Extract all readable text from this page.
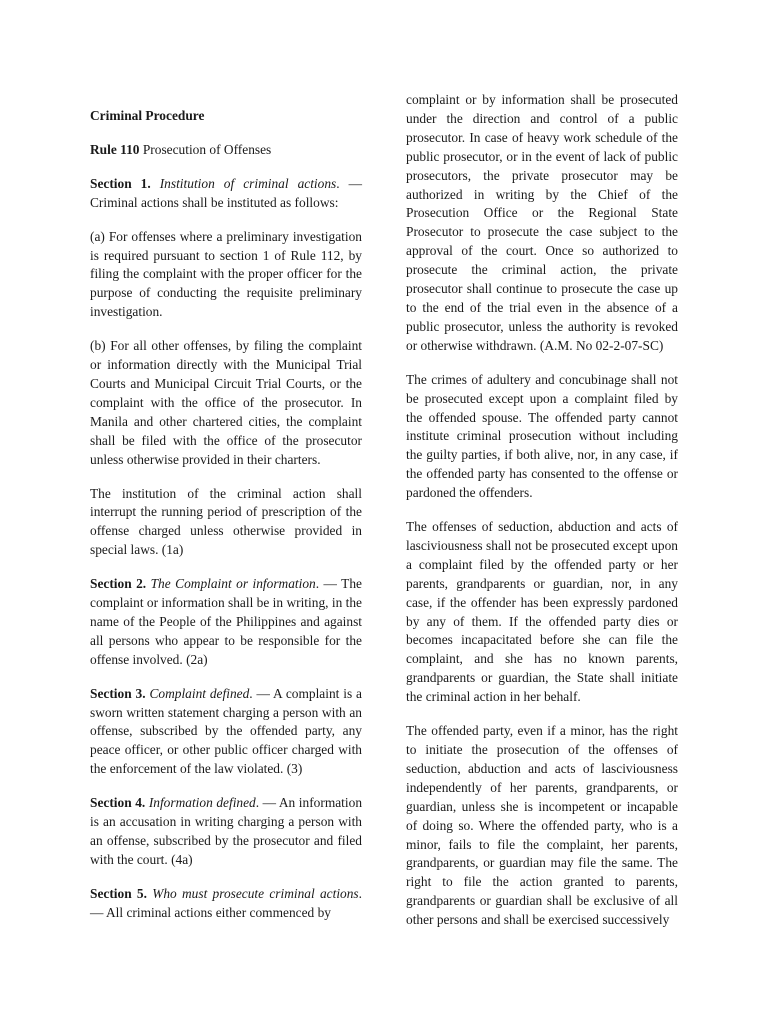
Criminal Procedure

Rule 110 Prosecution of Offenses

Section 1. Institution of criminal actions. — Criminal actions shall be instituted as follows:

(a) For offenses where a preliminary investigation is required pursuant to section 1 of Rule 112, by filing the complaint with the proper officer for the purpose of conducting the requisite preliminary investigation.

(b) For all other offenses, by filing the complaint or information directly with the Municipal Trial Courts and Municipal Circuit Trial Courts, or the complaint with the office of the prosecutor. In Manila and other chartered cities, the complaint shall be filed with the office of the prosecutor unless otherwise provided in their charters.

The institution of the criminal action shall interrupt the running period of prescription of the offense charged unless otherwise provided in special laws. (1a)

Section 2. The Complaint or information. — The complaint or information shall be in writing, in the name of the People of the Philippines and against all persons who appear to be responsible for the offense involved. (2a)

Section 3. Complaint defined. — A complaint is a sworn written statement charging a person with an offense, subscribed by the offended party, any peace officer, or other public officer charged with the enforcement of the law violated. (3)

Section 4. Information defined. — An information is an accusation in writing charging a person with an offense, subscribed by the prosecutor and filed with the court. (4a)

Section 5. Who must prosecute criminal actions. — All criminal actions either commenced by

complaint or by information shall be prosecuted under the direction and control of a public prosecutor. In case of heavy work schedule of the public prosecutor, or in the event of lack of public prosecutors, the private prosecutor may be authorized in writing by the Chief of the Prosecution Office or the Regional State Prosecutor to prosecute the case subject to the approval of the court. Once so authorized to prosecute the criminal action, the private prosecutor shall continue to prosecute the case up to the end of the trial even in the absence of a public prosecutor, unless the authority is revoked or otherwise withdrawn. (A.M. No 02-2-07-SC)

The crimes of adultery and concubinage shall not be prosecuted except upon a complaint filed by the offended spouse. The offended party cannot institute criminal prosecution without including the guilty parties, if both alive, nor, in any case, if the offended party has consented to the offense or pardoned the offenders.

The offenses of seduction, abduction and acts of lasciviousness shall not be prosecuted except upon a complaint filed by the offended party or her parents, grandparents or guardian, nor, in any case, if the offender has been expressly pardoned by any of them. If the offended party dies or becomes incapacitated before she can file the complaint, and she has no known parents, grandparents or guardian, the State shall initiate the criminal action in her behalf.

The offended party, even if a minor, has the right to initiate the prosecution of the offenses of seduction, abduction and acts of lasciviousness independently of her parents, grandparents, or guardian, unless she is incompetent or incapable of doing so. Where the offended party, who is a minor, fails to file the complaint, her parents, grandparents, or guardian may file the same. The right to file the action granted to parents, grandparents or guardian shall be exclusive of all other persons and shall be exercised successively
